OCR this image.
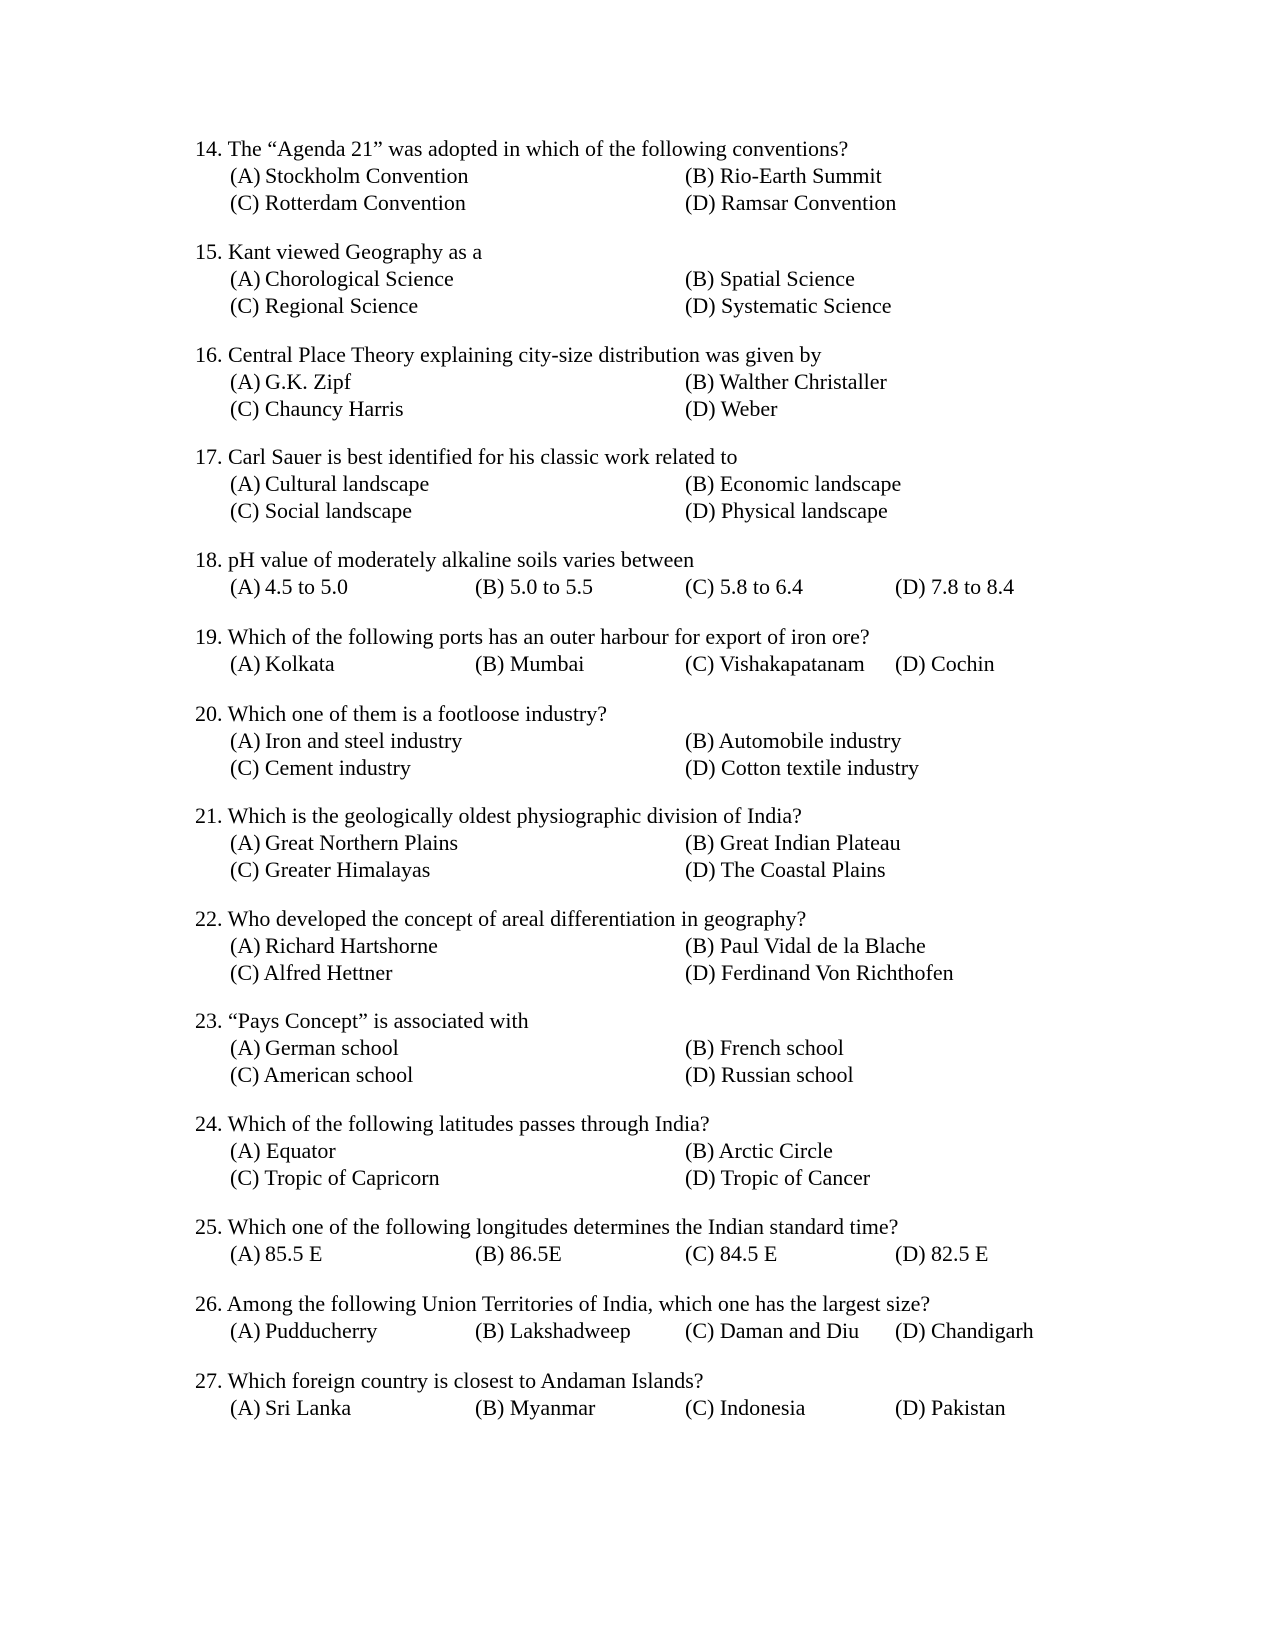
14. The “Agenda 21” was adopted in which of the following conventions?
(A) Stockholm Convention	(B) Rio-Earth Summit
(C) Rotterdam Convention	(D) Ramsar Convention
15. Kant viewed Geography as a
(A) Chorological Science	(B) Spatial Science
(C) Regional Science	(D) Systematic Science
16. Central Place Theory explaining city-size distribution was given by
(A) G.K. Zipf	(B) Walther Christaller
(C) Chauncy Harris	(D) Weber
17. Carl Sauer is best identified for his classic work related to
(A) Cultural landscape	(B) Economic landscape
(C) Social landscape	(D) Physical landscape
18. pH value of moderately alkaline soils varies between
(A) 4.5 to 5.0	(B) 5.0 to 5.5	(C) 5.8 to 6.4	(D) 7.8 to 8.4
19. Which of the following ports has an outer harbour for export of iron ore?
(A) Kolkata	(B) Mumbai	(C) Vishakapatanam (D) Cochin
20. Which one of them is a footloose industry?
(A) Iron and steel industry	(B) Automobile industry
(C) Cement industry	(D) Cotton textile industry
21. Which is the geologically oldest physiographic division of India?
(A) Great Northern Plains	(B) Great Indian Plateau
(C) Greater Himalayas	(D) The Coastal Plains
22. Who developed the concept of areal differentiation in geography?
(A) Richard Hartshorne	(B) Paul Vidal de la Blache
(C) Alfred Hettner	(D) Ferdinand Von Richthofen
23. “Pays Concept” is associated with
(A) German school	(B) French school
(C) American school	(D) Russian school
24. Which of the following latitudes passes through India?
(A) Equator	(B) Arctic Circle
(C) Tropic of Capricorn	(D) Tropic of Cancer
25. Which one of the following longitudes determines the Indian standard time?
(A) 85.5 E	(B) 86.5E	(C) 84.5 E	(D) 82.5 E
26. Among the following Union Territories of India, which one has the largest size?
(A) Pudducherry	(B) Lakshadweep (C) Daman and Diu (D) Chandigarh
27. Which foreign country is closest to Andaman Islands?
(A) Sri Lanka	(B) Myanmar	(C) Indonesia	(D) Pakistan
